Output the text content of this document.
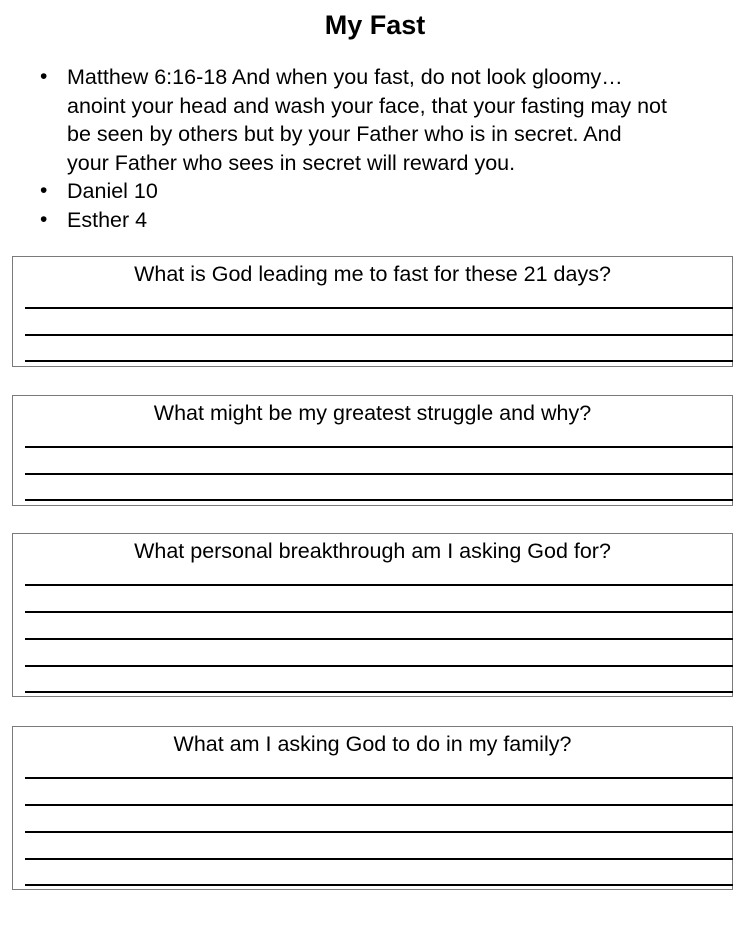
My Fast
• Matthew 6:16-18 And when you fast, do not look gloomy…
anoint your head and wash your face, that your fasting may not
be seen by others but by your Father who is in secret. And
your Father who sees in secret will reward you.
• Daniel 10
• Esther 4
What is God leading me to fast for these 21 days?
What might be my greatest struggle and why?
What personal breakthrough am I asking God for?
What am I asking God to do in my family?
